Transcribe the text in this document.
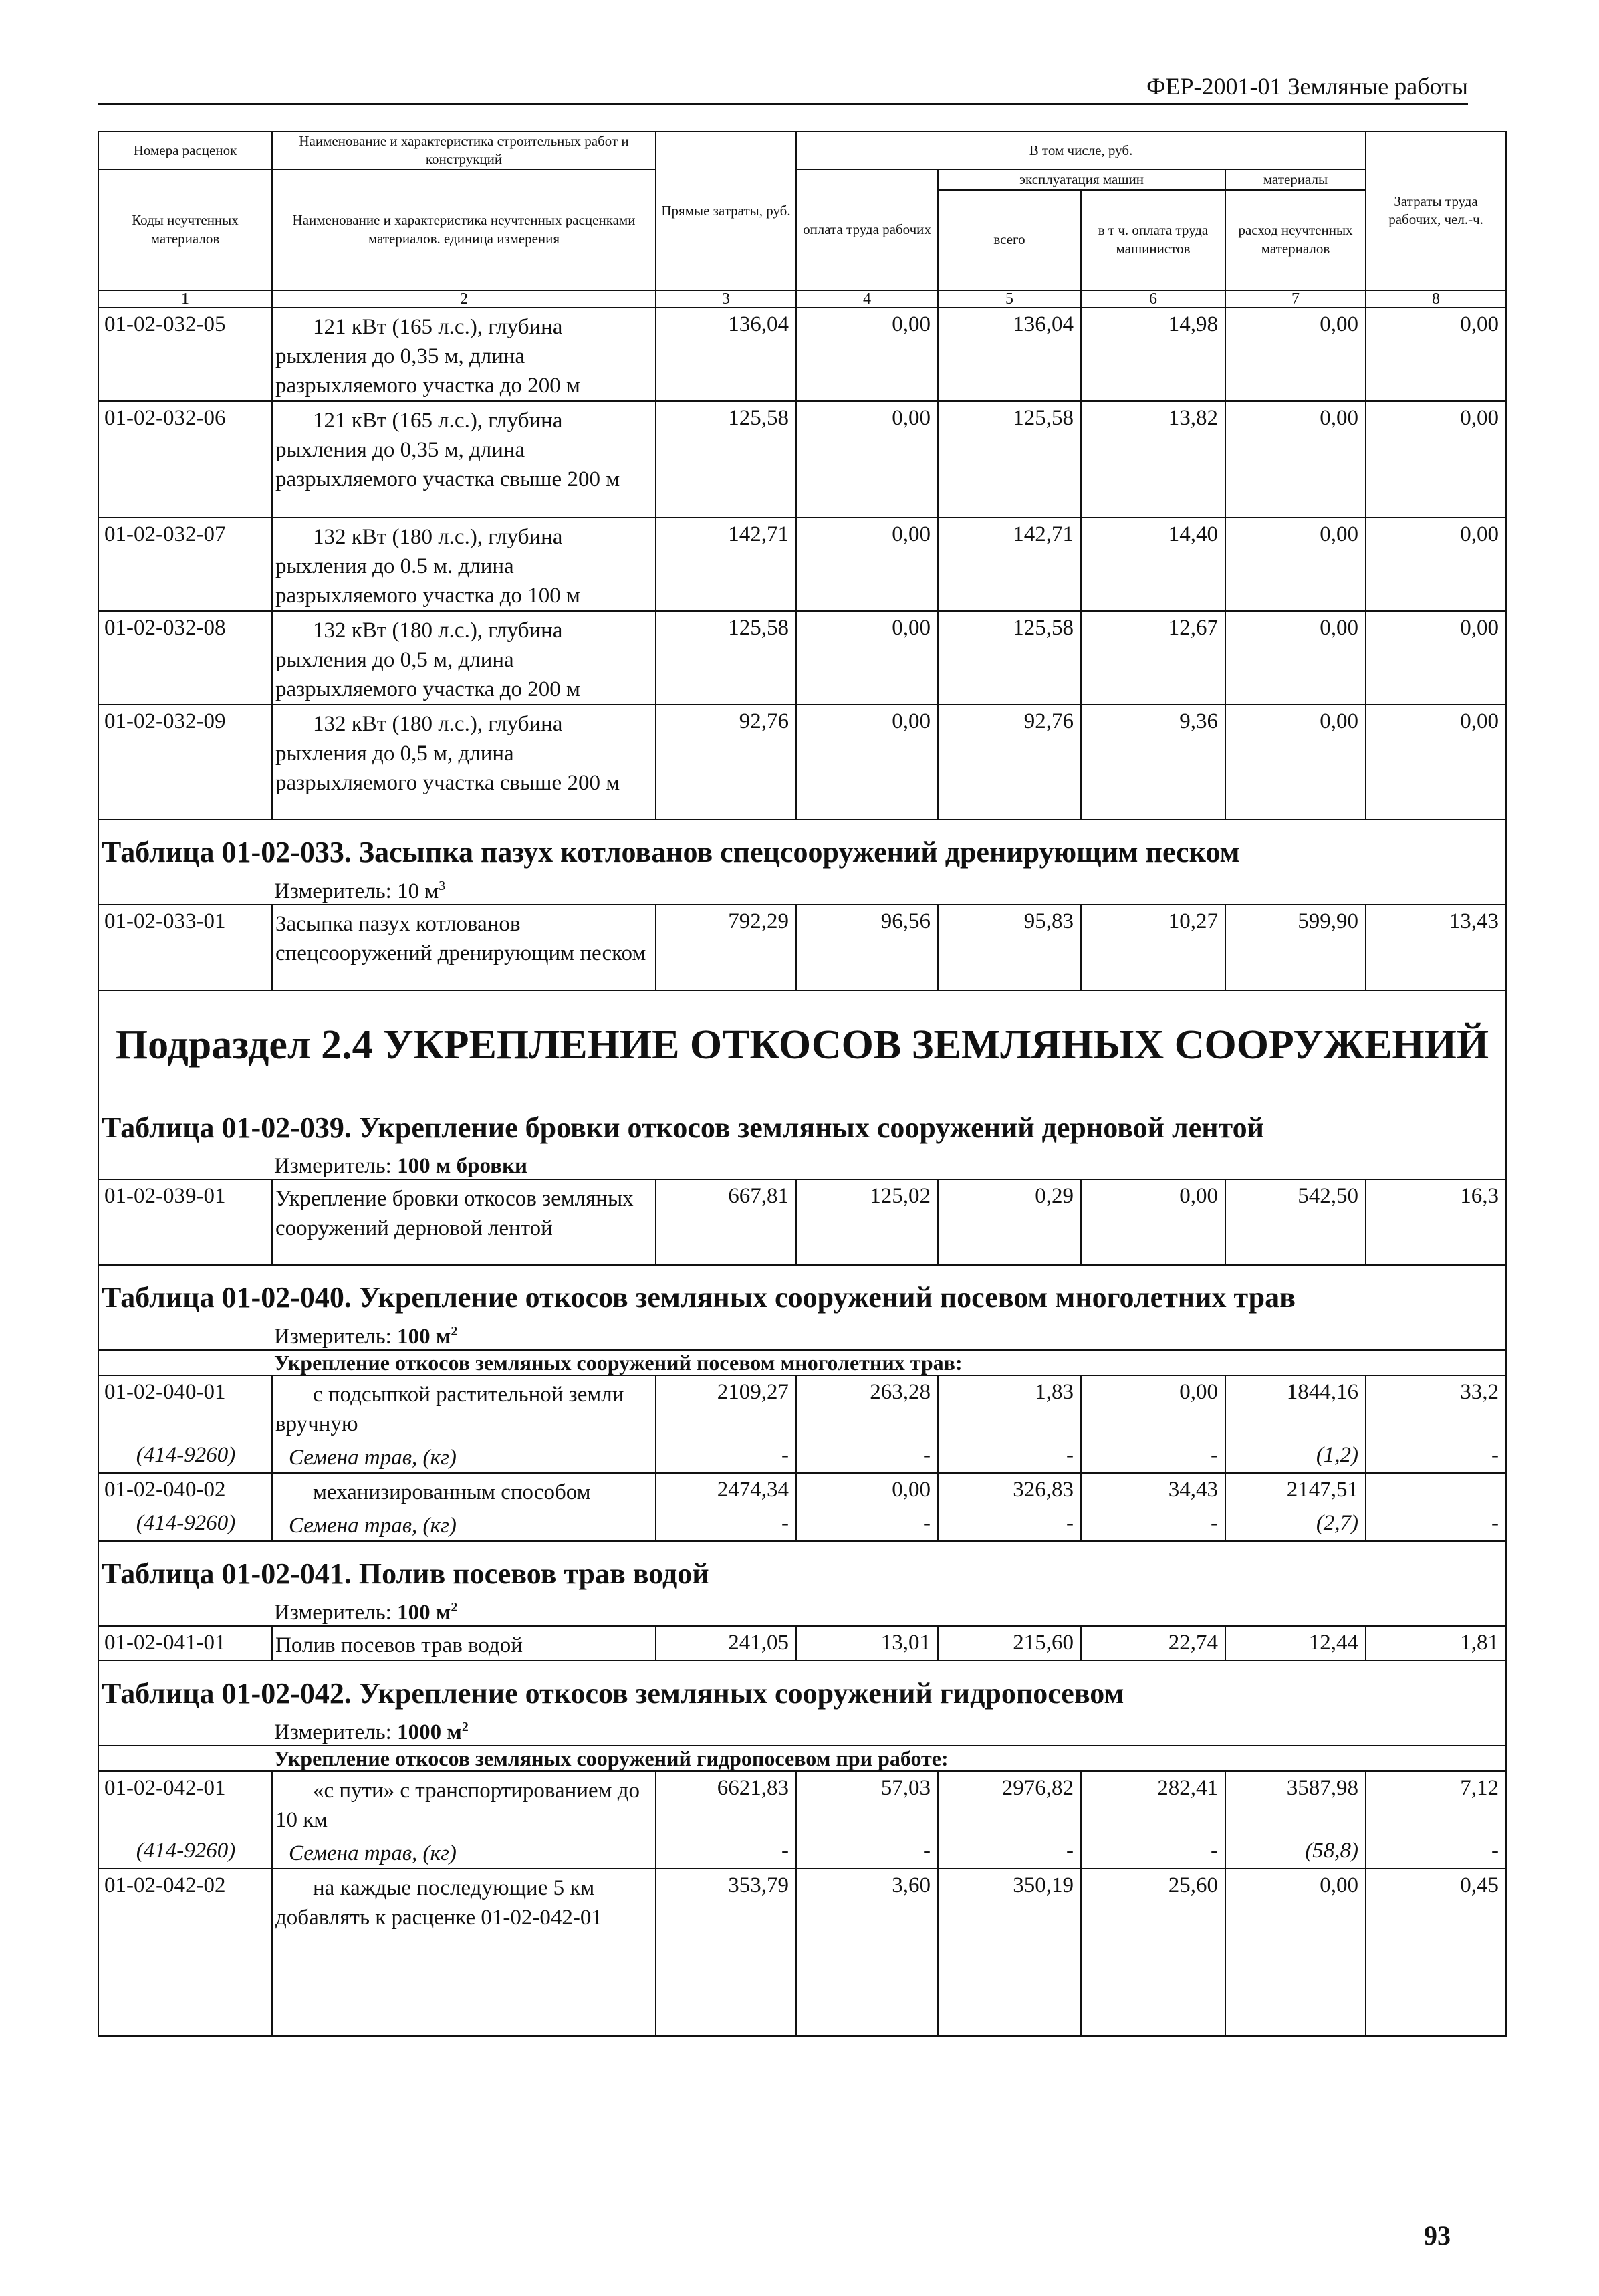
ФЕР-2001-01 Земляные работы
Номера расценок	Наименование и характеристика строительных работ и конструкций	Прямые затраты, руб.	В том числе, руб.				Затраты труда рабочих, чел.-ч.
Коды неучтенных материалов	Наименование и характеристика неучтенных расценками материалов. единица измерения		оплата труда рабочих	эксплуатация машин		материалы	
				всего	в т ч. оплата труда машинистов	расход неучтенных материалов	
1	2	3	4	5	6	7	8
01-02-032-05	121 кВт (165 л.с.), глубина рыхления до 0,35 м, длина разрыхляемого участка до 200 м	136,04	0,00	136,04	14,98	0,00	0,00
01-02-032-06	121 кВт (165 л.с.), глубина рыхления до 0,35 м, длина разрыхляемого участка свыше 200 м	125,58	0,00	125,58	13,82	0,00	0,00
01-02-032-07	132 кВт (180 л.с.), глубина рыхления до 0.5 м. длина разрыхляемого участка до 100 м	142,71	0,00	142,71	14,40	0,00	0,00
01-02-032-08	132 кВт (180 л.с.), глубина рыхления до 0,5 м, длина разрыхляемого участка до 200 м	125,58	0,00	125,58	12,67	0,00	0,00
01-02-032-09	132 кВт (180 л.с.), глубина рыхления до 0,5 м, длина разрыхляемого участка свыше 200 м	92,76	0,00	92,76	9,36	0,00	0,00
Таблица 01-02-033. Засыпка пазух котлованов спецсооружений дренирующим песком							
Измеритель: 10 $м^3$
01-02-033-01	Засыпка пазух котлованов спецсооружений дренирующим песком	792,29	96,56	95,83	10,27	599,90	13,43
Подраздел 2.4 УКРЕПЛЕНИЕ ОТКОСОВ ЗЕМЛЯНЫХ СООРУЖЕНИЙ							
Таблица 01-02-039. Укрепление бровки откосов земляных сооружений дерновой лентой							
Измеритель: 100 м бровки							
01-02-039-01	Укрепление бровки откосов земляных сооружений дерновой лентой	667,81	125,02	0,29	0,00	542,50	16,3
Таблица 01-02-040. Укрепление откосов земляных сооружений посевом многолетних трав							
Измеритель: 100 $м^2$
Укрепление откосов земляных сооружений посевом многолетних трав:							
01-02-040-01	с подсыпкой растительной земли вручную	2109,27	263,28	1,83	0,00	1844,16	33,2
(414-9260)	Семена трав, (кг)	-	-	-	-	(1,2)	-
01-02-040-02	механизированным способом	2474,34	0,00	326,83	34,43	2147,51	
(414-9260)	Семена трав, (кг)	-	-	-	-	(2,7)	-
Таблица 01-02-041. Полив посевов трав водой							
Измеритель: 100 $м^2$
01-02-041-01	Полив посевов трав водой	241,05	13,01	215,60	22,74	12,44	1,81
Таблица 01-02-042. Укрепление откосов земляных сооружений гидропосевом							
Измеритель: 1000 $м^2$
Укрепление откосов земляных сооружений гидропосевом при работе:							
01-02-042-01	«с пути» с транспортированием до 10 км	6621,83	57,03	2976,82	282,41	3587,98	7,12
(414-9260)	Семена трав, (кг)	-	-	-	-	(58,8)	-
01-02-042-02	на каждые последующие 5 км добавлять к расценке 01-02-042-01	353,79	3,60	350,19	25,60	0,00	0,45
93
